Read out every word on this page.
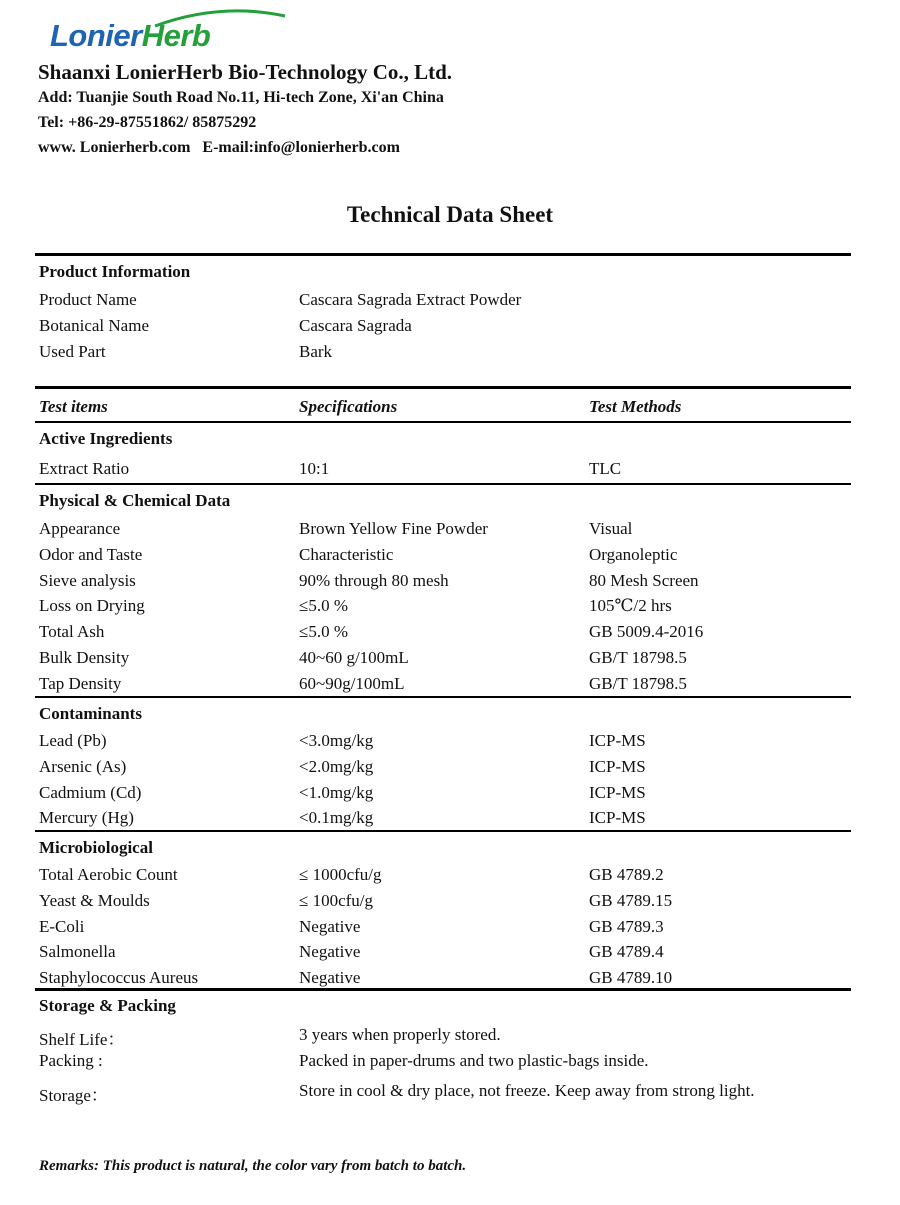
LonierHerb
Shaanxi LonierHerb Bio-Technology Co., Ltd.
Add: Tuanjie South Road No.11, Hi-tech Zone, Xi'an China
Tel: +86-29-87551862/ 85875292
www. Lonierherb.com   E-mail:info@lonierherb.com
Technical Data Sheet
Product Information
Product Name	Cascara Sagrada Extract Powder
Botanical Name	Cascara Sagrada
Used Part	Bark
Test items	Specifications	Test Methods
Active Ingredients
Extract Ratio	10:1	TLC
Physical & Chemical Data
Appearance	Brown Yellow Fine Powder	Visual
Odor and Taste	Characteristic	Organoleptic
Sieve analysis	90% through 80 mesh	80 Mesh Screen
Loss on Drying	≤5.0 %	105℃/2 hrs
Total Ash	≤5.0 %	GB 5009.4-2016
Bulk Density	40~60 g/100mL	GB/T 18798.5
Tap Density	60~90g/100mL	GB/T 18798.5
Contaminants
Lead (Pb)	<3.0mg/kg	ICP-MS
Arsenic (As)	<2.0mg/kg	ICP-MS
Cadmium (Cd)	<1.0mg/kg	ICP-MS
Mercury (Hg)	<0.1mg/kg	ICP-MS
Microbiological
Total Aerobic Count	≤ 1000cfu/g	GB 4789.2
Yeast & Moulds	≤ 100cfu/g	GB 4789.15
E-Coli	Negative	GB 4789.3
Salmonella	Negative	GB 4789.4
Staphylococcus Aureus	Negative	GB 4789.10
Storage & Packing
Shelf Life：	3 years when properly stored.
Packing :	Packed in paper-drums and two plastic-bags inside.
Storage：	Store in cool & dry place, not freeze. Keep away from strong light.
Remarks: This product is natural, the color vary from batch to batch.
